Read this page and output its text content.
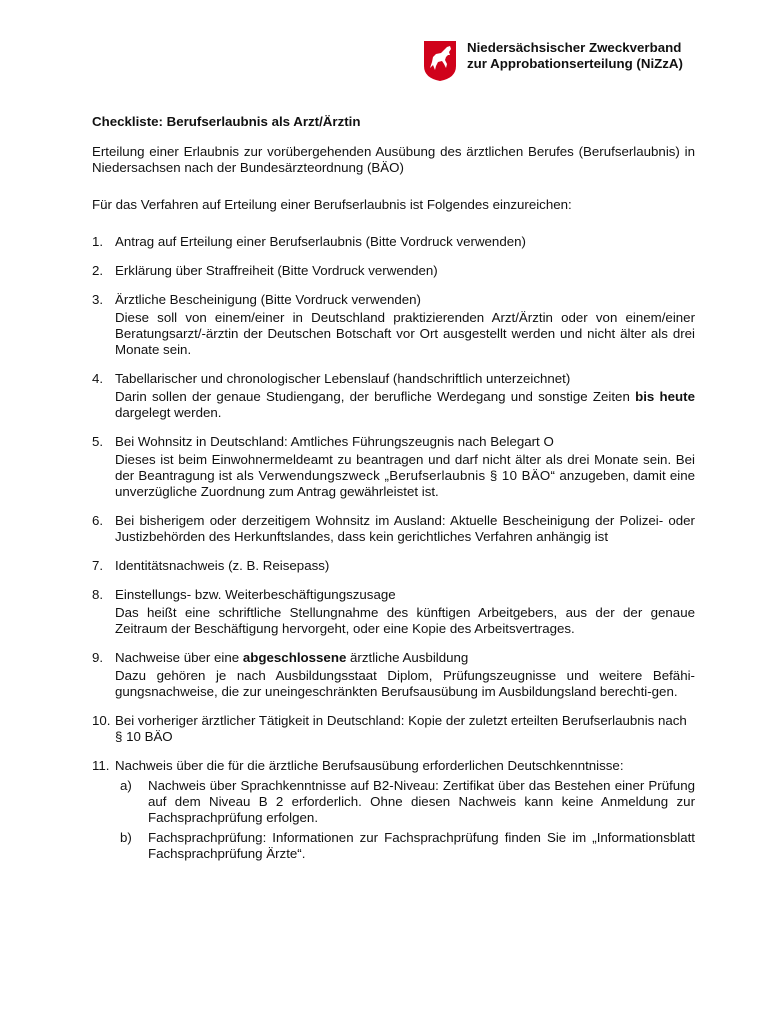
Niedersächsischer Zweckverband
zur Approbationserteilung (NiZzA)

Checkliste: Berufserlaubnis als Arzt/Ärztin

Erteilung einer Erlaubnis zur vorübergehenden Ausübung des ärztlichen Berufes (Berufserlaubnis) in Niedersachsen nach der Bundesärzteordnung (BÄO)

Für das Verfahren auf Erteilung einer Berufserlaubnis ist Folgendes einzureichen:

1. Antrag auf Erteilung einer Berufserlaubnis (Bitte Vordruck verwenden)

2. Erklärung über Straffreiheit (Bitte Vordruck verwenden)

3. Ärztliche Bescheinigung (Bitte Vordruck verwenden)

Diese soll von einem/einer in Deutschland praktizierenden Arzt/Ärztin oder von einem/einer Beratungsarzt/-ärztin der Deutschen Botschaft vor Ort ausgestellt werden und nicht älter als drei Monate sein.

4. Tabellarischer und chronologischer Lebenslauf (handschriftlich unterzeichnet)

Darin sollen der genaue Studiengang, der berufliche Werdegang und sonstige Zeiten bis heute dargelegt werden.

5. Bei Wohnsitz in Deutschland: Amtliches Führungszeugnis nach Belegart O

Dieses ist beim Einwohnermeldeamt zu beantragen und darf nicht älter als drei Monate sein. Bei der Beantragung ist als Verwendungszweck „Berufserlaubnis § 10 BÄO“ anzugeben, damit eine unverzügliche Zuordnung zum Antrag gewährleistet ist.

6. Bei bisherigem oder derzeitigem Wohnsitz im Ausland: Aktuelle Bescheinigung der Polizei- oder Justizbehörden des Herkunftslandes, dass kein gerichtliches Verfahren anhängig ist

7. Identitätsnachweis (z. B. Reisepass)

8. Einstellungs- bzw. Weiterbeschäftigungszusage

Das heißt eine schriftliche Stellungnahme des künftigen Arbeitgebers, aus der der genaue Zeitraum der Beschäftigung hervorgeht, oder eine Kopie des Arbeitsvertrages.

9. Nachweise über eine abgeschlossene ärztliche Ausbildung

Dazu gehören je nach Ausbildungsstaat Diplom, Prüfungszeugnisse und weitere Befähi-gungsnachweise, die zur uneingeschränkten Berufsausübung im Ausbildungsland berechti-gen.

10. Bei vorheriger ärztlicher Tätigkeit in Deutschland: Kopie der zuletzt erteilten Berufserlaubnis nach § 10 BÄO

11. Nachweis über die für die ärztliche Berufsausübung erforderlichen Deutschkenntnisse:

a) Nachweis über Sprachkenntnisse auf B2-Niveau: Zertifikat über das Bestehen einer Prüfung auf dem Niveau B 2 erforderlich. Ohne diesen Nachweis kann keine Anmeldung zur Fachsprachprüfung erfolgen.
b) Fachsprachprüfung: Informationen zur Fachsprachprüfung finden Sie im „Informationsblatt Fachsprachprüfung Ärzte“.
